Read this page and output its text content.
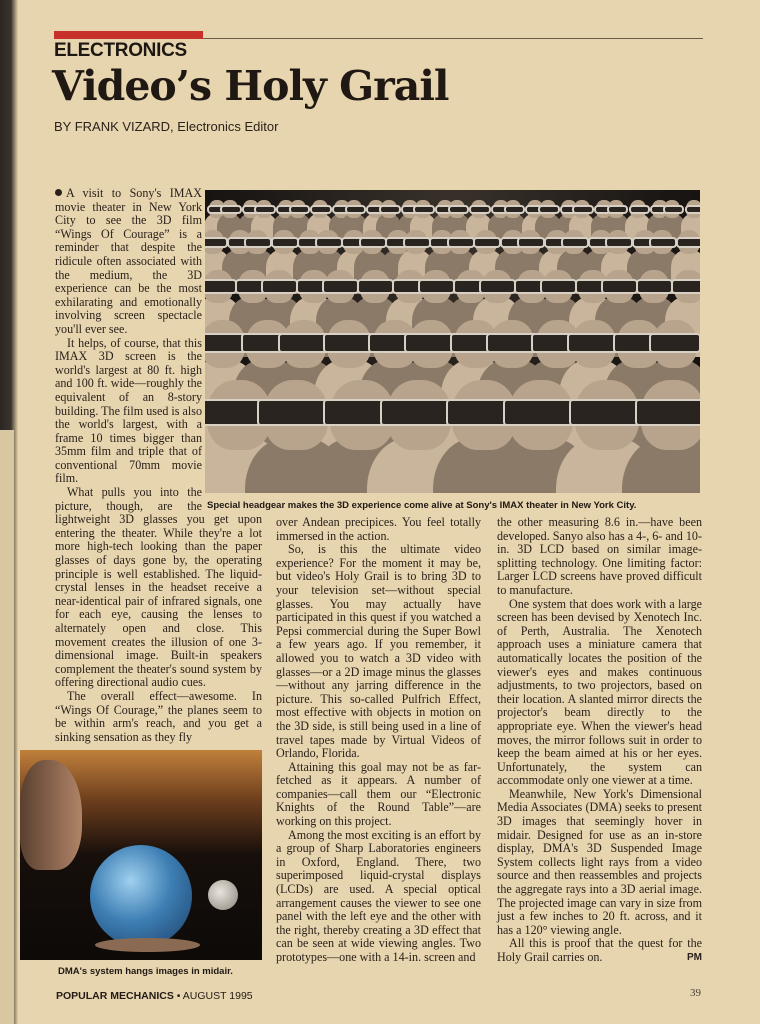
ELECTRONICS
Video’s Holy Grail
BY FRANK VIZARD, Electronics Editor

A visit to Sony's IMAX movie theater in New York City to see the 3D film “Wings Of Courage” is a reminder that despite the ridicule often associated with the medium, the 3D experience can be the most exhilarating and emotionally involving screen spectacle you'll ever see.

It helps, of course, that this IMAX 3D screen is the world's largest at 80 ft. high and 100 ft. wide—roughly the equivalent of an 8-story building. The film used is also the world's largest, with a frame 10 times bigger than 35mm film and triple that of conventional 70mm movie film.

What pulls you into the picture, though, are the lightweight 3D glasses you get upon entering the theater. While they're a lot more high-tech looking than the paper glasses of days gone by, the operating principle is well established. The liquid-crystal lenses in the headset receive a near-identical pair of infrared signals, one for each eye, causing the lenses to alternately open and close. This movement creates the illusion of one 3-dimensional image. Built-in speakers complement the theater's sound system by offering directional audio cues.

The overall effect—awesome. In “Wings Of Courage,” the planes seem to be within arm's reach, and you get a sinking sensation as they fly

over Andean precipices. You feel totally immersed in the action.

So, is this the ultimate video experience? For the moment it may be, but video's Holy Grail is to bring 3D to your television set—without special glasses. You may actually have participated in this quest if you watched a Pepsi commercial during the Super Bowl a few years ago. If you remember, it allowed you to watch a 3D video with glasses—or a 2D image minus the glasses—without any jarring difference in the picture. This so-called Pulfrich Effect, most effective with objects in motion on the 3D side, is still being used in a line of travel tapes made by Virtual Videos of Orlando, Florida.

Attaining this goal may not be as far-fetched as it appears. A number of companies—call them our “Electronic Knights of the Round Table”—are working on this project.

Among the most exciting is an effort by a group of Sharp Laboratories engineers in Oxford, England. There, two superimposed liquid-crystal displays (LCDs) are used. A special optical arrangement causes the viewer to see one panel with the left eye and the other with the right, thereby creating a 3D effect that can be seen at wide viewing angles. Two prototypes—one with a 14-in. screen and

the other measuring 8.6 in.—have been developed. Sanyo also has a 4-, 6- and 10-in. 3D LCD based on similar image-splitting technology. One limiting factor: Larger LCD screens have proved difficult to manufacture.

One system that does work with a large screen has been devised by Xenotech Inc. of Perth, Australia. The Xenotech approach uses a miniature camera that automatically locates the position of the viewer's eyes and makes continuous adjustments, to two projectors, based on their location. A slanted mirror directs the projector's beam directly to the appropriate eye. When the viewer's head moves, the mirror follows suit in order to keep the beam aimed at his or her eyes. Unfortunately, the system can accommodate only one viewer at a time.

Meanwhile, New York's Dimensional Media Associates (DMA) seeks to present 3D images that seemingly hover in midair. Designed for use as an in-store display, DMA's 3D Suspended Image System collects light rays from a video source and then reassembles and projects the aggregate rays into a 3D aerial image. The projected image can vary in size from just a few inches to 20 ft. across, and it has a 120° viewing angle.

All this is proof that the quest for the Holy Grail carries on.	PM

Special headgear makes the 3D experience come alive at Sony's IMAX theater in New York City.
DMA's system hangs images in midair.
POPULAR MECHANICS • AUGUST 1995	39
